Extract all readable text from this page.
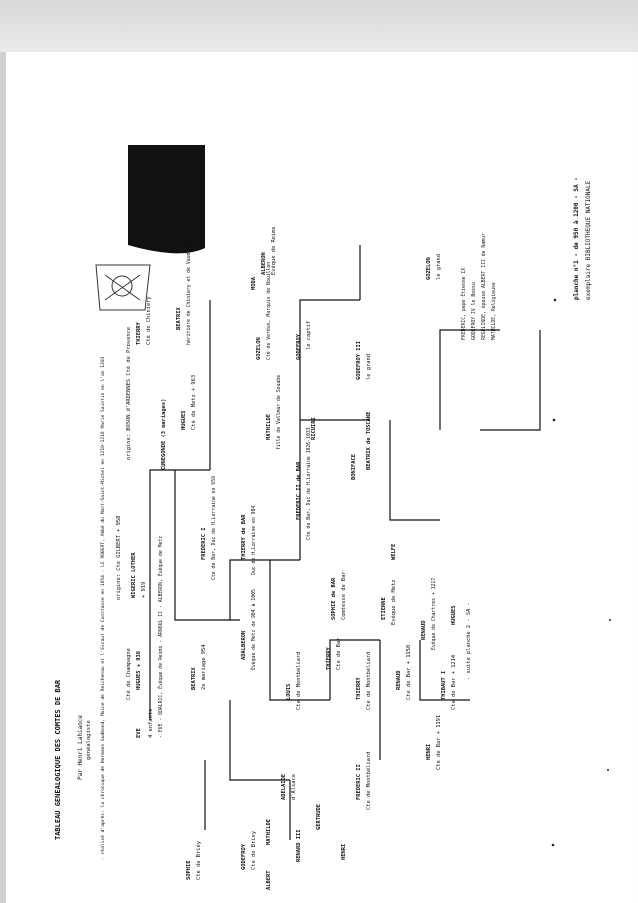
TABLEAU GENEALOGIQUE DES COMTES DE BAR	Par Henri Lahiance généalogiste	- réalisé d'après: la chronique de Hermann Gudmond, Moine de Reichenau et l'Escaut de Constance en 1054 - LE ROBERT, Abbé du Mont-Saint-Michel en 1210-1218 Marie Saintin en l'an 1303	EVE
Cté de Champagne HUGUES + 938
4 enfants	- EVE - ODALRIC, Évêque de Reims - ARNOUL II - ALBERON, Évêque de Metz
origine: Cte GILBERT + 958 WIGERIC LOTHER + 919
CUNEGONDE (3 mariages)
origine: BOSON d'ARDENNES Cté de Provence THIERRY Cté de Chiniery	BEATRIX	héritière de Chiniery et de Vaudrevel
HUGUES Cté de Metz + 963
GOZELON	Cté de Verdun, Marquis de Bouillon
MODA
ALBERON Évêque de Reims
GODEFROY le captif
FREDERIC I Cte de Bar, Duc de H.Lorraine en 959
BEATRIX 2e mariage 954
THIERRY de BAR Duc de H.Lorraine en 984
ADALBERON	Évêque de Metz de 984 à 1005
FREDERIC II de BAR Cte de Bar, Duc de H.Lorraine 1026-1033
MATHILDE fille de Vallmar de Souabe	RICUIRI
SOPHIE de BAR Comtesse de Bar
BEATRIX de TOSCANE
BONIFACE
GODEFROY III le grand
GOZELON le grand
FREDERIC, pape Étienne IX GODEFROY IV le Bossu	REGELINDE, épouse ALBERT III de Namur MATHILDE, Religieuse
WELFE
LOUIS Cte de Montbéliard	THIERRY Cte de Montbéliard
THIERRY Cte de Bar
ETIENNE Évêque de Metz
RENAUD Cte de Bar + 1150
HUGUES
HENRI Cte de Bar + 1191
THIBAUT I Cte de Bar + 1214
RENAUD	Évêque de Chartres + 1217
FREDERIC II Cte de Montbéliard
ADELAIDE d'Alsace
GERTRUDE
RENARD III	HENRI
SOPHIE Cte de Briey	GODEFROY Cte de Briey
ALBERT
MATHILDE
- suite planche 2 - SA -
planche n°1 - de 950 à 1200 - SA - exemplaire BIBLIOTHEQUE NATIONALE
